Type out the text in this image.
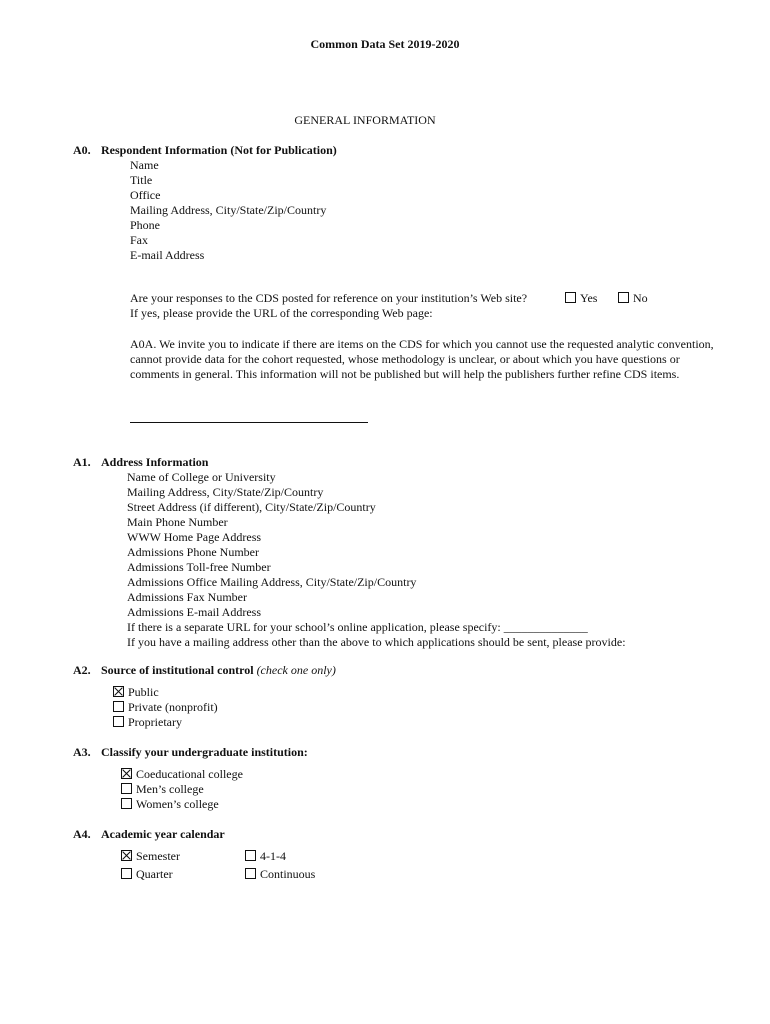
Common Data Set 2019-2020
GENERAL INFORMATION
A0. Respondent Information (Not for Publication)
Name
Title
Office
Mailing Address, City/State/Zip/Country
Phone
Fax
E-mail Address
Are your responses to the CDS posted for reference on your institution’s Web site?	Yes	No
If yes, please provide the URL of the corresponding Web page:
A0A. We invite you to indicate if there are items on the CDS for which you cannot use the requested analytic convention, cannot provide data for the cohort requested, whose methodology is unclear, or about which you have questions or comments in general. This information will not be published but will help the publishers further refine CDS items.
A1. Address Information
Name of College or University
Mailing Address, City/State/Zip/Country
Street Address (if different), City/State/Zip/Country
Main Phone Number
WWW Home Page Address
Admissions Phone Number
Admissions Toll-free Number
Admissions Office Mailing Address, City/State/Zip/Country
Admissions Fax Number
Admissions E-mail Address
If there is a separate URL for your school’s online application, please specify: ______________
If you have a mailing address other than the above to which applications should be sent, please provide:
A2. Source of institutional control (check one only)
Public
Private (nonprofit)
Proprietary
A3. Classify your undergraduate institution:
Coeducational college
Men’s college
Women’s college
A4. Academic year calendar
Semester
Quarter
4-1-4
Continuous
